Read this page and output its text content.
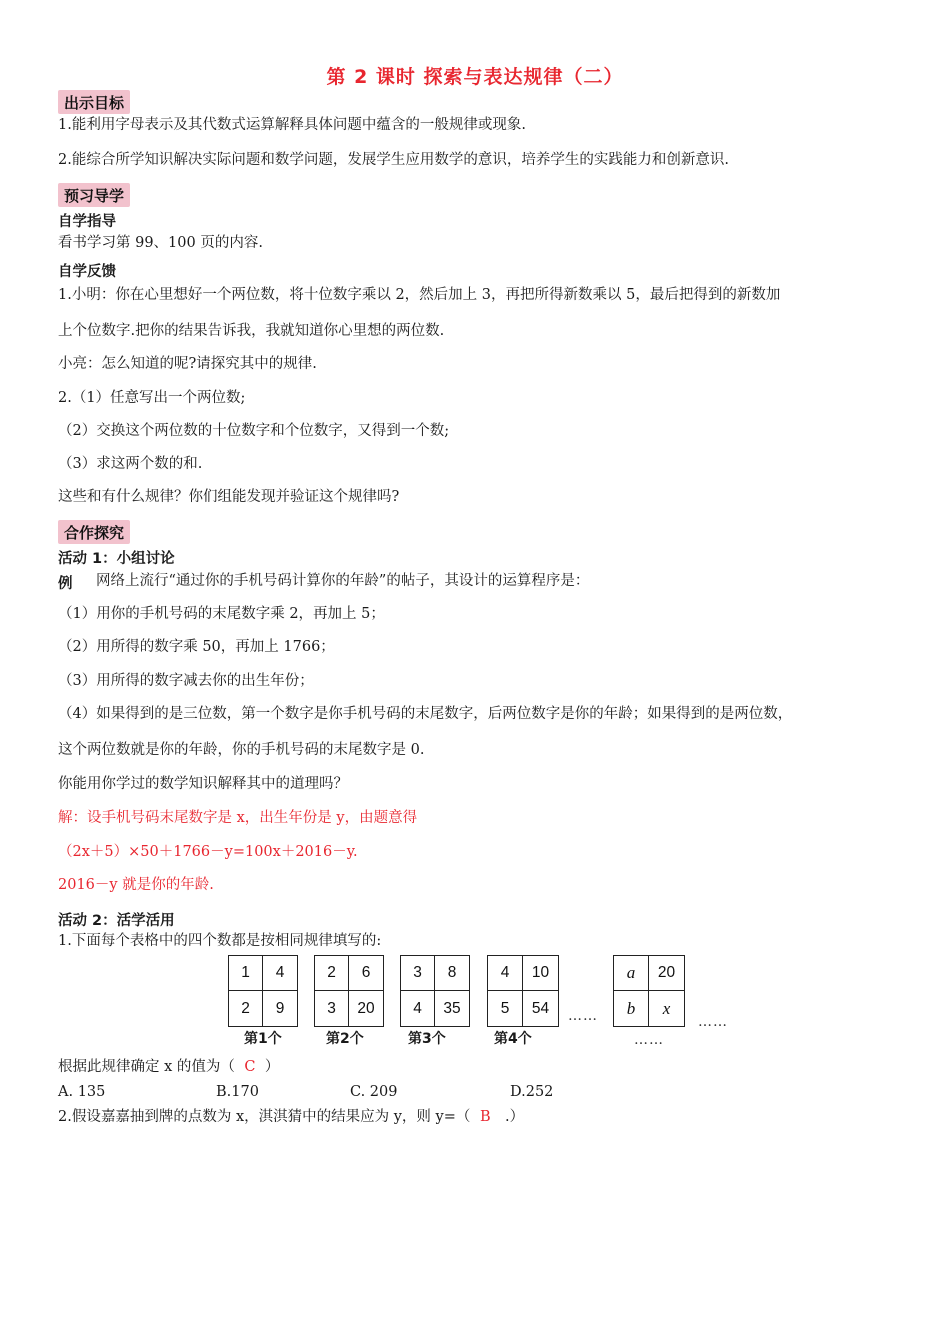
第 2 课时 探索与表达规律（二）
出示目标
1.能利用字母表示及其代数式运算解释具体问题中蕴含的一般规律或现象.
2.能综合所学知识解决实际问题和数学问题，发展学生应用数学的意识，培养学生的实践能力和创新意识.
预习导学
自学指导
看书学习第 99、100 页的内容.
自学反馈
1.小明：你在心里想好一个两位数，将十位数字乘以 2，然后加上 3，再把所得新数乘以 5，最后把得到的新数加
上个位数字.把你的结果告诉我，我就知道你心里想的两位数.
小亮：怎么知道的呢?请探究其中的规律.
2.（1）任意写出一个两位数;
（2）交换这个两位数的十位数字和个位数字，又得到一个数;
（3）求这两个数的和.
这些和有什么规律？你们组能发现并验证这个规律吗?
合作探究
活动 1：小组讨论
例 网络上流行“通过你的手机号码计算你的年龄”的帖子，其设计的运算程序是：
（1）用你的手机号码的末尾数字乘 2，再加上 5；
（2）用所得的数字乘 50，再加上 1766；
（3）用所得的数字减去你的出生年份；
（4）如果得到的是三位数，第一个数字是你手机号码的末尾数字，后两位数字是你的年龄；如果得到的是两位数，
这个两位数就是你的年龄，你的手机号码的末尾数字是 0.
你能用你学过的数学知识解释其中的道理吗？
解：设手机号码末尾数字是 x，出生年份是 y，由题意得
（2x＋5）×50＋1766－y=100x＋2016－y.
2016－y 就是你的年龄.
活动 2：活学活用
1.下面每个表格中的四个数都是按相同规律填写的:
1	4
2	9
第1个
2	6
3	20
第2个
3	8
4	35
第3个
4	10
5	54
第4个
……
a	20
b	x
……
……
根据此规律确定 x 的值为（ C ）
A. 135	B.170	C. 209	D.252
2.假设嘉嘉抽到牌的点数为 x，淇淇猜中的结果应为 y，则 y=（ B .）
